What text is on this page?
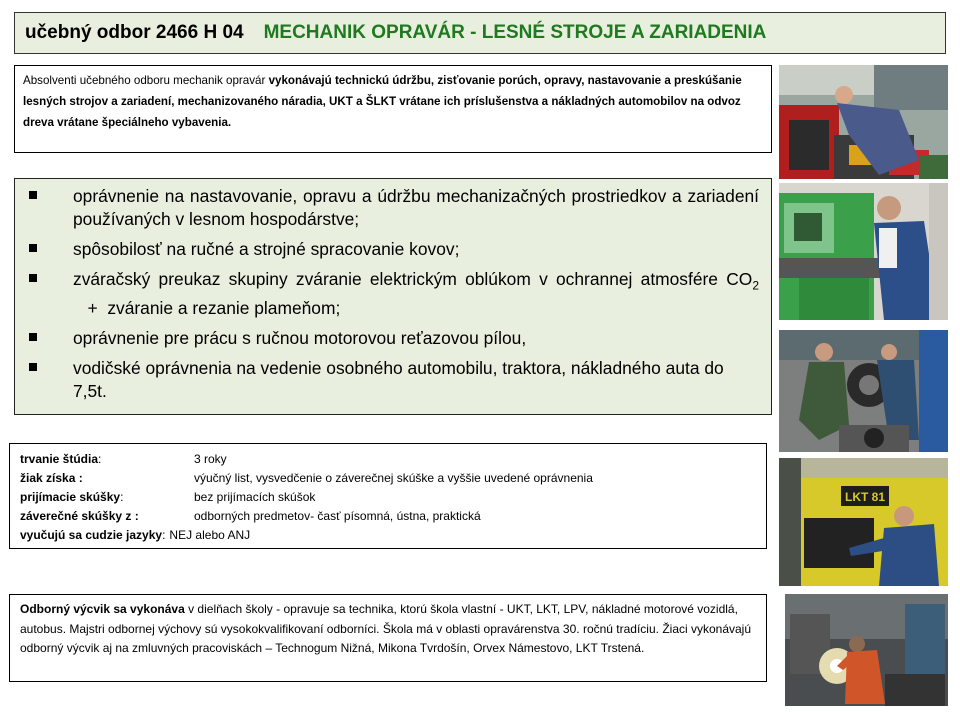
učebný odbor 2466 H 04 MECHANIK OPRAVÁR - LESNÉ STROJE A ZARIADENIA

Absolventi učebného odboru mechanik opravár vykonávajú technickú údržbu, zisťovanie porúch, opravy, nastavovanie a preskúšanie lesných strojov a zariadení, mechanizovaného náradia, UKT a ŠLKT vrátane ich príslušenstva a nákladných automobilov na odvoz dreva vrátane špeciálneho vybavenia.

oprávnenie na nastavovanie, opravu a údržbu mechanizačných prostriedkov a zariadení používaných v lesnom hospodárstve;
spôsobilosť na ručné a strojné spracovanie kovov;
zváračský preukaz skupiny zváranie elektrickým oblúkom v ochrannej atmosfére $CO_2$   +  zváranie a rezanie plameňom;
oprávnenie pre prácu s ručnou motorovou reťazovou pílou,
vodičské oprávnenia na vedenie osobného automobilu, traktora, nákladného auta do 7,5t.
trvanie štúdia:	3 roky
žiak získa :	výučný list, vysvedčenie o záverečnej skúške a vyššie uvedené oprávnenia
prijímacie skúšky:	bez prijímacích skúšok
záverečné skúšky z :	odborných predmetov- časť písomná, ústna, praktická
vyučujú sa cudzie jazyky: NEJ alebo ANJ
Odborný výcvik sa vykonáva v dielňach školy - opravuje sa technika, ktorú škola vlastní - UKT, LKT, LPV, nákladné motorové vozidlá, autobus. Majstri odbornej výchovy sú vysokokvalifikovaní odborníci. Škola má v oblasti opravárenstva 30. ročnú tradíciu. Žiaci vykonávajú odborný výcvik aj na zmluvných pracoviskách – Technogum Nižná, Mikona Tvrdošín, Orvex Námestovo, LKT Trstená.
LKT 81
